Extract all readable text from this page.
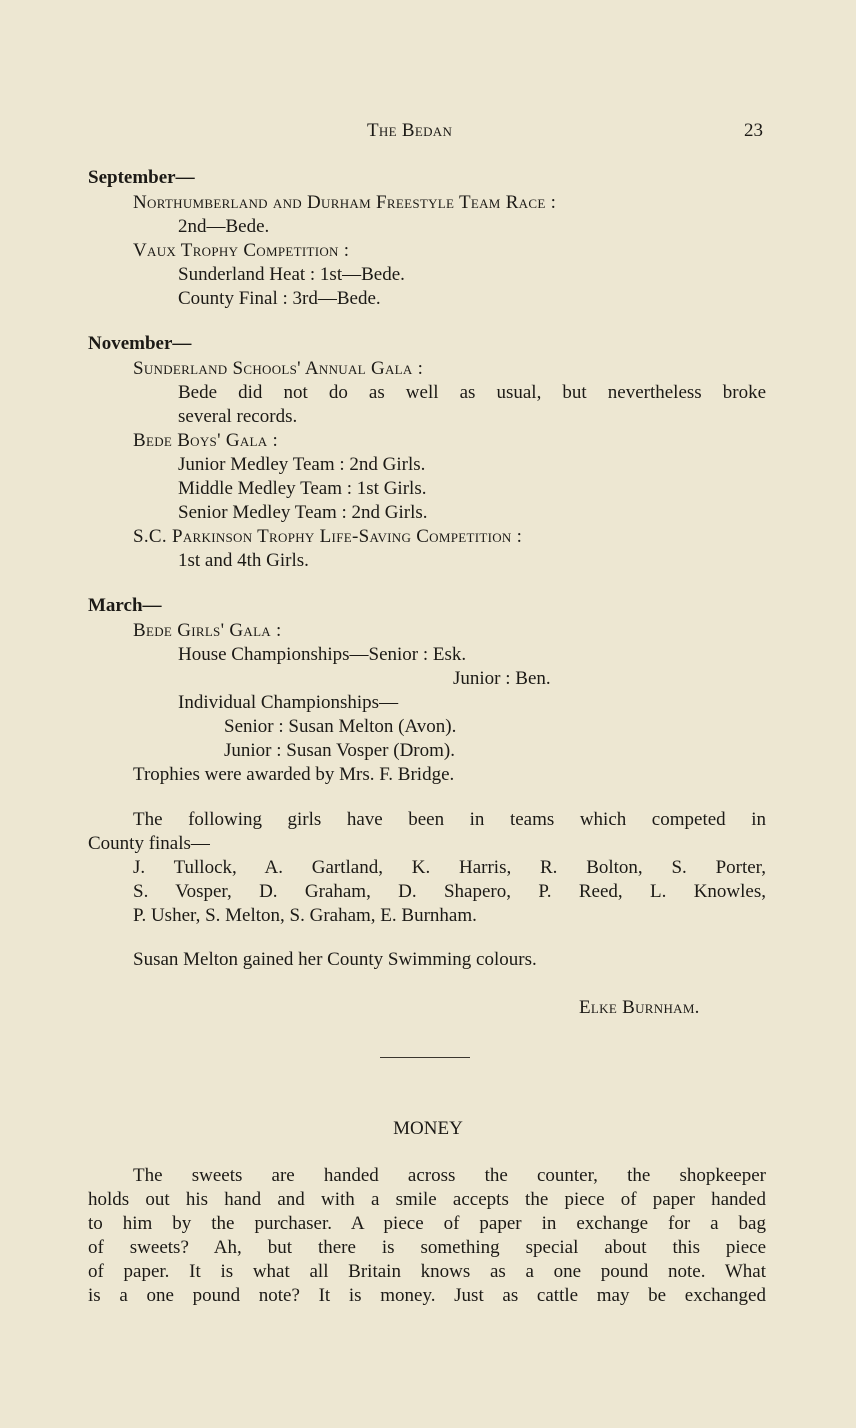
The Bedan	23
September—
Northumberland and Durham Freestyle Team Race :
2nd—Bede.
Vaux Trophy Competition :
Sunderland Heat : 1st—Bede.
County Final : 3rd—Bede.
November—
Sunderland Schools' Annual Gala :
Bede did not do as well as usual, but nevertheless broke
several records.
Bede Boys' Gala :
Junior Medley Team : 2nd Girls.
Middle Medley Team : 1st Girls.
Senior Medley Team : 2nd Girls.
S.C. Parkinson Trophy Life-Saving Competition :
1st and 4th Girls.
March—
Bede Girls' Gala :
House Championships—Senior : Esk.
Junior : Ben.
Individual Championships—
Senior : Susan Melton (Avon).
Junior : Susan Vosper (Drom).
Trophies were awarded by Mrs. F. Bridge.
The following girls have been in teams which competed in
County finals—
J. Tullock, A. Gartland, K. Harris, R. Bolton, S. Porter,
S. Vosper, D. Graham, D. Shapero, P. Reed, L. Knowles,
P. Usher, S. Melton, S. Graham, E. Burnham.
Susan Melton gained her County Swimming colours.
Elke Burnham.
MONEY
The sweets are handed across the counter, the shopkeeper
holds out his hand and with a smile accepts the piece of paper handed
to him by the purchaser. A piece of paper in exchange for a bag
of sweets? Ah, but there is something special about this piece
of paper. It is what all Britain knows as a one pound note. What
is a one pound note? It is money. Just as cattle may be exchanged
